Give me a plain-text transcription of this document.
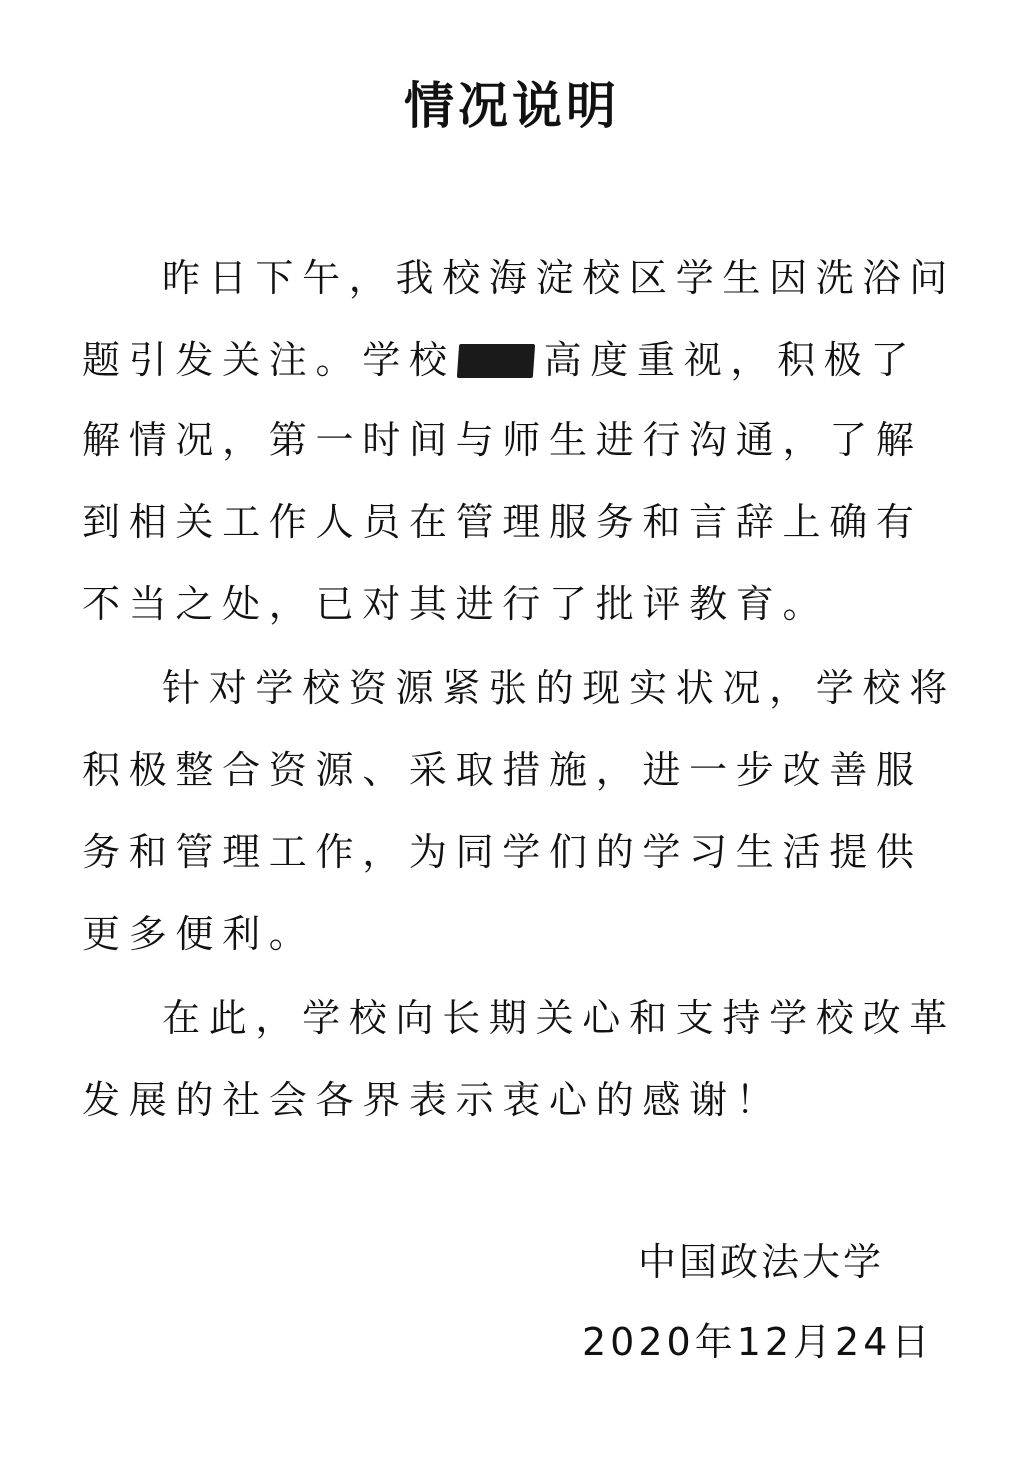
情况说明
昨日下午，我校海淀校区学生因洗浴问
题引发关注。学校 高度重视，积极了
解情况，第一时间与师生进行沟通，了解
到相关工作人员在管理服务和言辞上确有
不当之处，已对其进行了批评教育。
针对学校资源紧张的现实状况，学校将
积极整合资源、采取措施，进一步改善服
务和管理工作，为同学们的学习生活提供
更多便利。
在此，学校向长期关心和支持学校改革
发展的社会各界表示衷心的感谢！
中国政法大学
2020年12月24日
